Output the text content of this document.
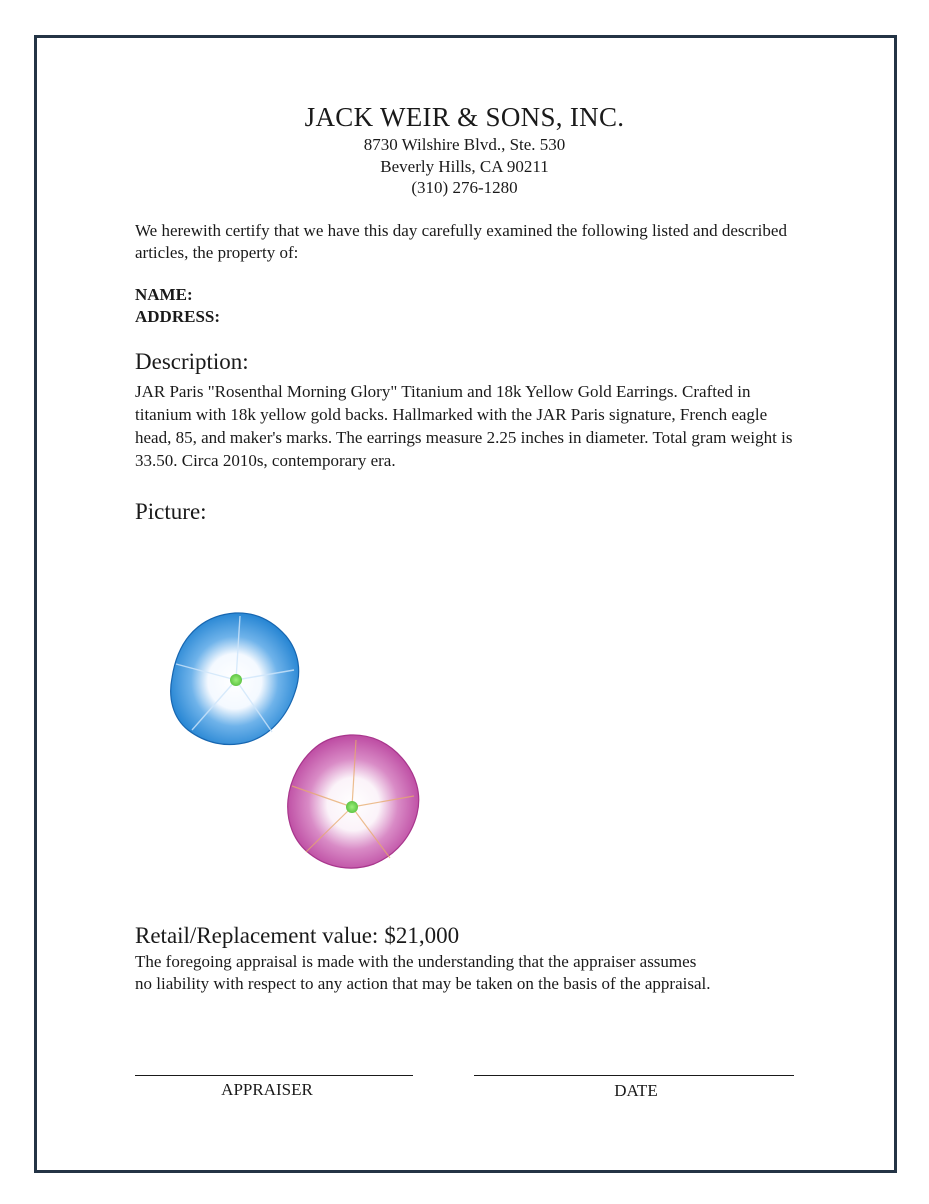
JACK WEIR & SONS, INC.
8730 Wilshire Blvd., Ste. 530
Beverly Hills, CA 90211
(310) 276-1280
We herewith certify that we have this day carefully examined the following listed and described articles, the property of:
NAME:
ADDRESS:
Description:
JAR Paris "Rosenthal Morning Glory" Titanium and 18k Yellow Gold Earrings. Crafted in titanium with 18k yellow gold backs. Hallmarked with the JAR Paris signature, French eagle head, 85, and maker's marks. The earrings measure 2.25 inches in diameter. Total gram weight is 33.50. Circa 2010s, contemporary era.
Picture:
Retail/Replacement value: $21,000
The foregoing appraisal is made with the understanding that the appraiser assumes
no liability with respect to any action that may be taken on the basis of the appraisal.
APPRAISER	DATE
